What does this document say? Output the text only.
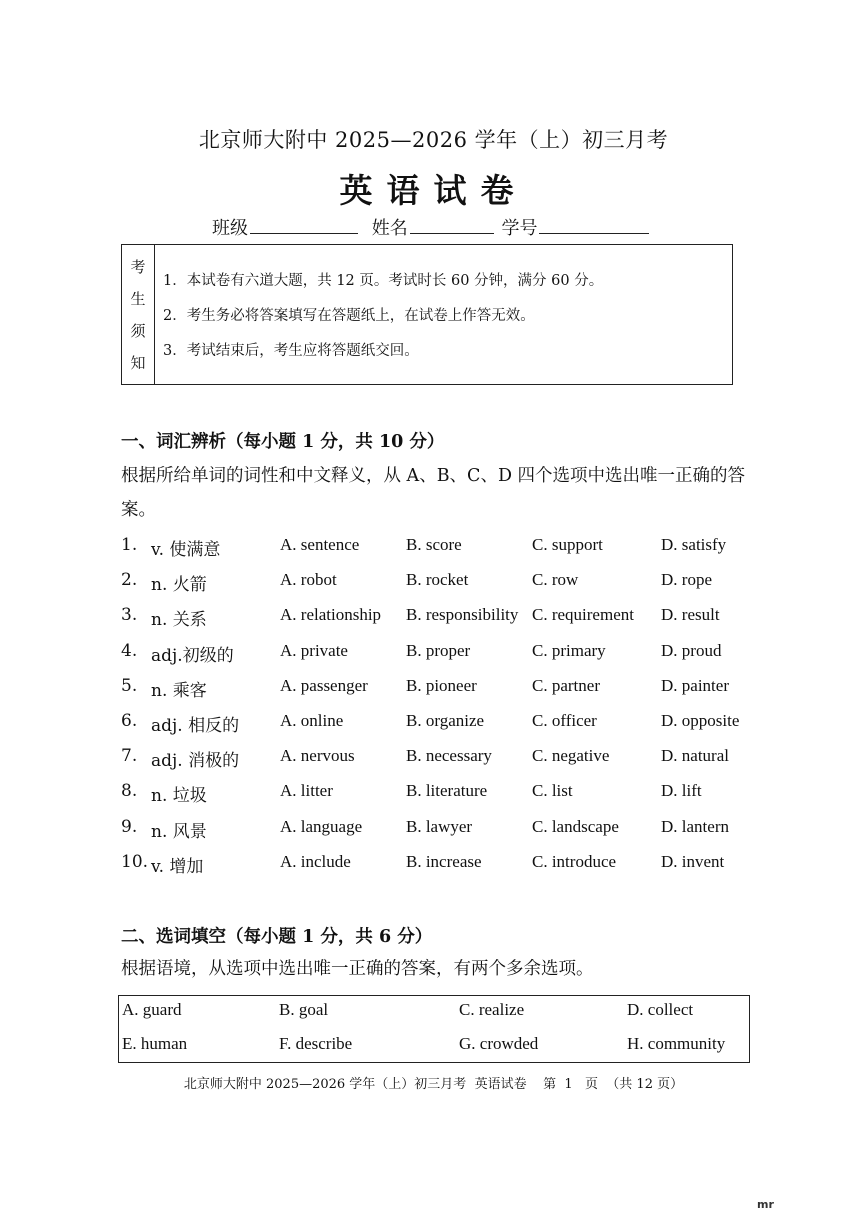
北京师大附中 2025—2026 学年（上）初三月考
英语试卷
班级	姓名	学号
考
生
须
知
1．本试卷有六道大题，共 12 页。考试时长 60 分钟，满分 60 分。
2．考生务必将答案填写在答题纸上，在试卷上作答无效。
3．考试结束后，考生应将答题纸交回。
一、词汇辨析（每小题 1 分，共 10 分）
根据所给单词的词性和中文释义，从 A、B、C、D 四个选项中选出唯一正确的答案。
1. v. 使满意	A. sentence	B. score	C. support	D. satisfy
2. n. 火箭	A. robot	B. rocket	C. row	D. rope
3. n. 关系	A. relationship B. responsibility C. requirement D. result
4. adj.初级的	A. private	B. proper	C. primary	D. proud
5. n. 乘客	A. passenger B. pioneer	C. partner	D. painter
6. adj. 相反的 A. online	B. organize	C. officer	D. opposite
7. adj. 消极的 A. nervous	B. necessary C. negative	D. natural
8. n. 垃圾	A. litter	B. literature	C. list	D. lift
9. n. 风景	A. language	B. lawyer	C. landscape D. lantern
10. v. 增加	A. include	B. increase	C. introduce	D. invent
二、选词填空（每小题 1 分，共 6 分）
根据语境，从选项中选出唯一正确的答案，有两个多余选项。
A. guard	B. goal	C. realize	D. collect
E. human	F. describe	G. crowded	H. community
北京师大附中 2025—2026 学年（上）初三月考  英语试卷    第  1   页  （共 12 页）
mr
